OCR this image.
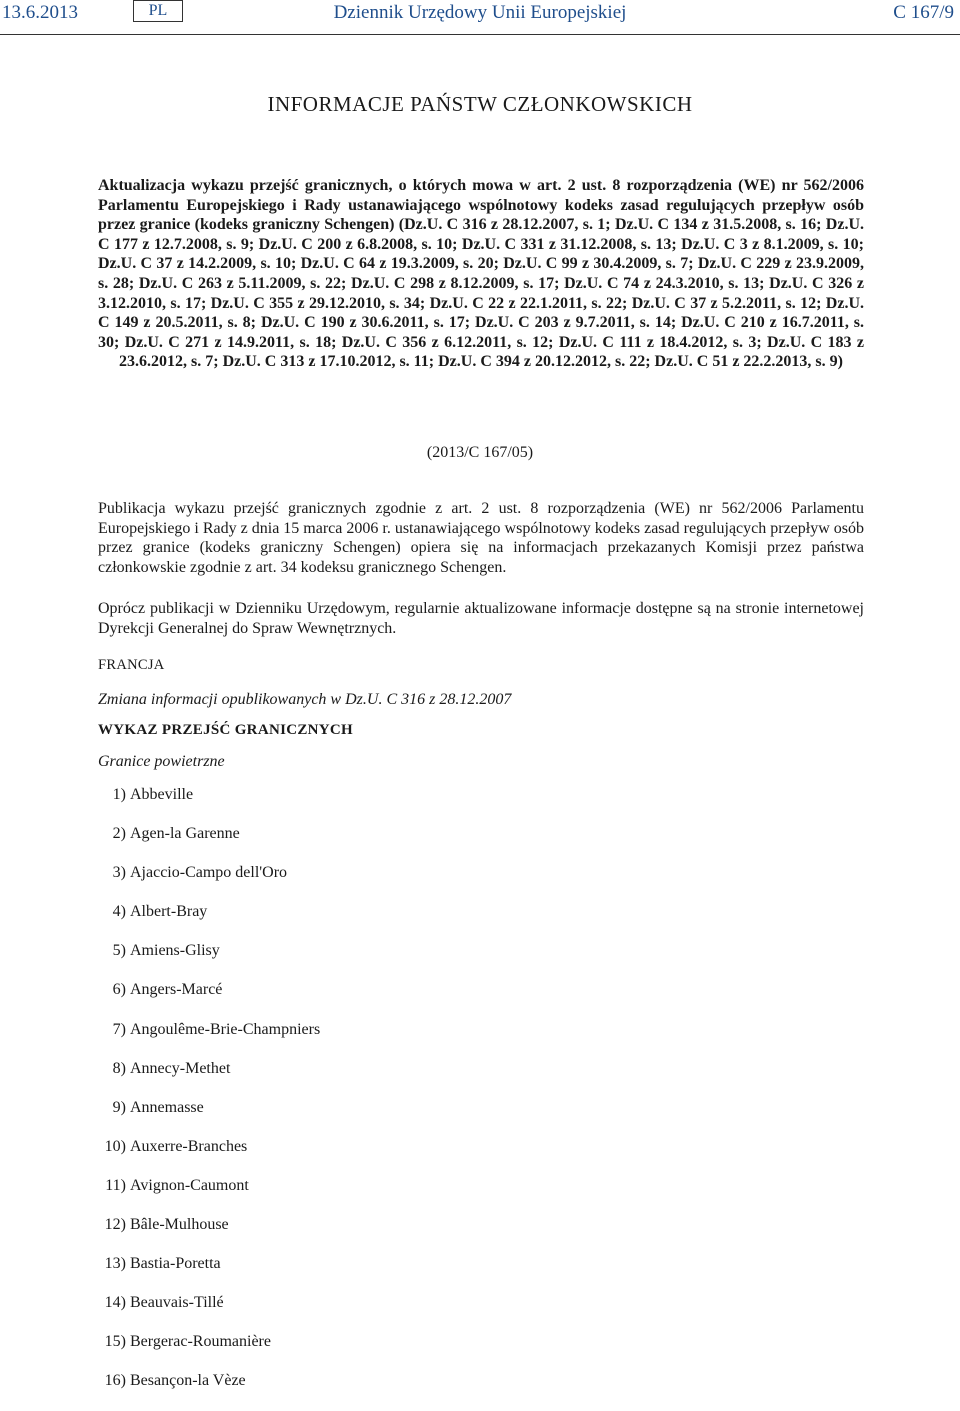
13.6.2013	PL	Dziennik Urzędowy Unii Europejskiej	C 167/9
INFORMACJE PAŃSTW CZŁONKOWSKICH
Aktualizacja wykazu przejść granicznych, o których mowa w art. 2 ust. 8 rozporządzenia (WE) nr 562/2006 Parlamentu Europejskiego i Rady ustanawiającego wspólnotowy kodeks zasad regulujących przepływ osób przez granice (kodeks graniczny Schengen) (Dz.U. C 316 z 28.12.2007, s. 1; Dz.U. C 134 z 31.5.2008, s. 16; Dz.U. C 177 z 12.7.2008, s. 9; Dz.U. C 200 z 6.8.2008, s. 10; Dz.U. C 331 z 31.12.2008, s. 13; Dz.U. C 3 z 8.1.2009, s. 10; Dz.U. C 37 z 14.2.2009, s. 10; Dz.U. C 64 z 19.3.2009, s. 20; Dz.U. C 99 z 30.4.2009, s. 7; Dz.U. C 229 z 23.9.2009, s. 28; Dz.U. C 263 z 5.11.2009, s. 22; Dz.U. C 298 z 8.12.2009, s. 17; Dz.U. C 74 z 24.3.2010, s. 13; Dz.U. C 326 z 3.12.2010, s. 17; Dz.U. C 355 z 29.12.2010, s. 34; Dz.U. C 22 z 22.1.2011, s. 22; Dz.U. C 37 z 5.2.2011, s. 12; Dz.U. C 149 z 20.5.2011, s. 8; Dz.U. C 190 z 30.6.2011, s. 17; Dz.U. C 203 z 9.7.2011, s. 14; Dz.U. C 210 z 16.7.2011, s. 30; Dz.U. C 271 z 14.9.2011, s. 18; Dz.U. C 356 z 6.12.2011, s. 12; Dz.U. C 111 z 18.4.2012, s. 3; Dz.U. C 183 z 23.6.2012, s. 7; Dz.U. C 313 z 17.10.2012, s. 11; Dz.U. C 394 z 20.12.2012, s. 22; Dz.U. C 51 z 22.2.2013, s. 9)
(2013/C 167/05)
Publikacja wykazu przejść granicznych zgodnie z art. 2 ust. 8 rozporządzenia (WE) nr 562/2006 Parlamentu Europejskiego i Rady z dnia 15 marca 2006 r. ustanawiającego wspólnotowy kodeks zasad regulujących przepływ osób przez granice (kodeks graniczny Schengen) opiera się na informacjach przekazanych Komisji przez państwa członkowskie zgodnie z art. 34 kodeksu granicznego Schengen.
Oprócz publikacji w Dzienniku Urzędowym, regularnie aktualizowane informacje dostępne są na stronie internetowej Dyrekcji Generalnej do Spraw Wewnętrznych.
FRANCJA
Zmiana informacji opublikowanych w Dz.U. C 316 z 28.12.2007
WYKAZ PRZEJŚĆ GRANICZNYCH
Granice powietrzne
1) Abbeville
2) Agen-la Garenne
3) Ajaccio-Campo dell'Oro
4) Albert-Bray
5) Amiens-Glisy
6) Angers-Marcé
7) Angoulême-Brie-Champniers
8) Annecy-Methet
9) Annemasse
10) Auxerre-Branches
11) Avignon-Caumont
12) Bâle-Mulhouse
13) Bastia-Poretta
14) Beauvais-Tillé
15) Bergerac-Roumanière
16) Besançon-la Vèze
